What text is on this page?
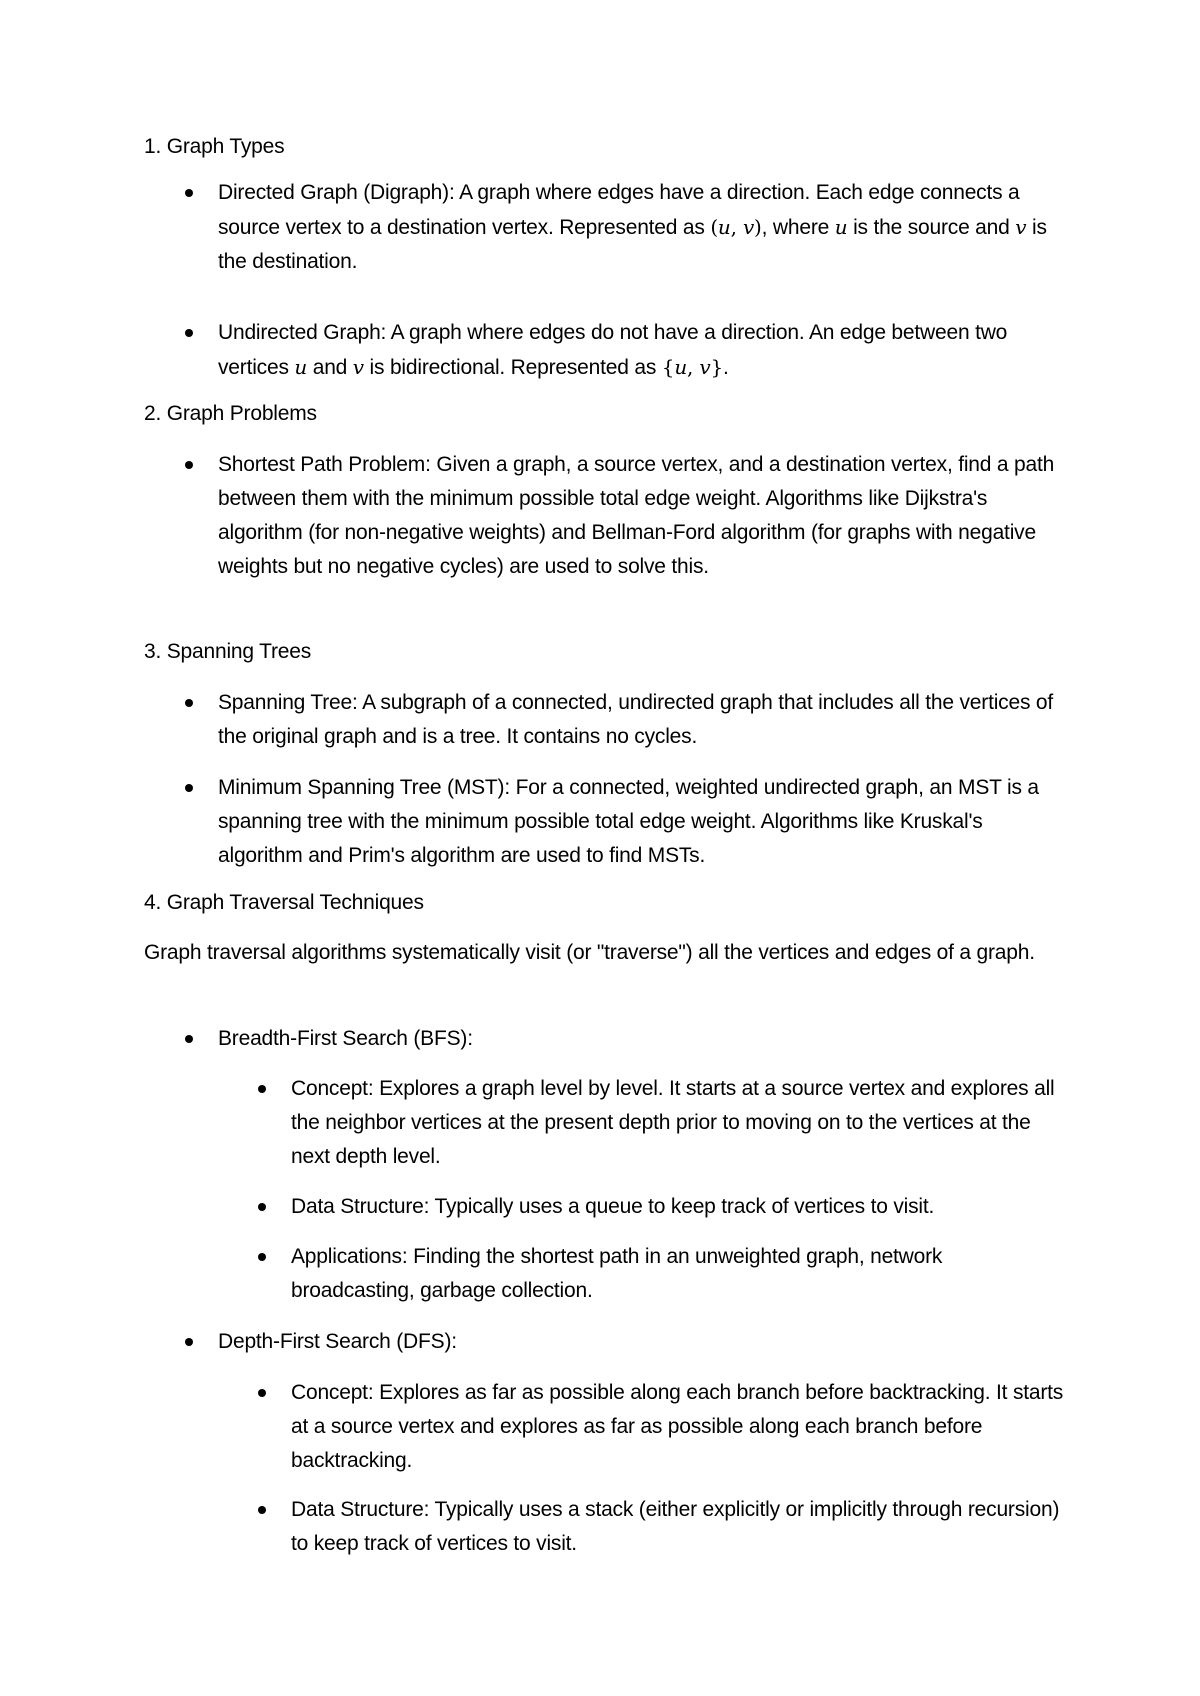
1. Graph Types
Directed Graph (Digraph): A graph where edges have a direction. Each edge connects a source vertex to a destination vertex. Represented as (u, v), where u is the source and v is the destination.
Undirected Graph: A graph where edges do not have a direction. An edge between two vertices u and v is bidirectional. Represented as {u, v}.
2. Graph Problems
Shortest Path Problem: Given a graph, a source vertex, and a destination vertex, find a path between them with the minimum possible total edge weight. Algorithms like Dijkstra's algorithm (for non-negative weights) and Bellman-Ford algorithm (for graphs with negative weights but no negative cycles) are used to solve this.
3. Spanning Trees
Spanning Tree: A subgraph of a connected, undirected graph that includes all the vertices of the original graph and is a tree. It contains no cycles.
Minimum Spanning Tree (MST): For a connected, weighted undirected graph, an MST is a spanning tree with the minimum possible total edge weight. Algorithms like Kruskal's algorithm and Prim's algorithm are used to find MSTs.
4. Graph Traversal Techniques

Graph traversal algorithms systematically visit (or "traverse") all the vertices and edges of a graph.

Breadth-First Search (BFS):
Concept: Explores a graph level by level. It starts at a source vertex and explores all the neighbor vertices at the present depth prior to moving on to the vertices at the next depth level.
Data Structure: Typically uses a queue to keep track of vertices to visit.
Applications: Finding the shortest path in an unweighted graph, network broadcasting, garbage collection.
Depth-First Search (DFS):
Concept: Explores as far as possible along each branch before backtracking. It starts at a source vertex and explores as far as possible along each branch before backtracking.
Data Structure: Typically uses a stack (either explicitly or implicitly through recursion) to keep track of vertices to visit.
